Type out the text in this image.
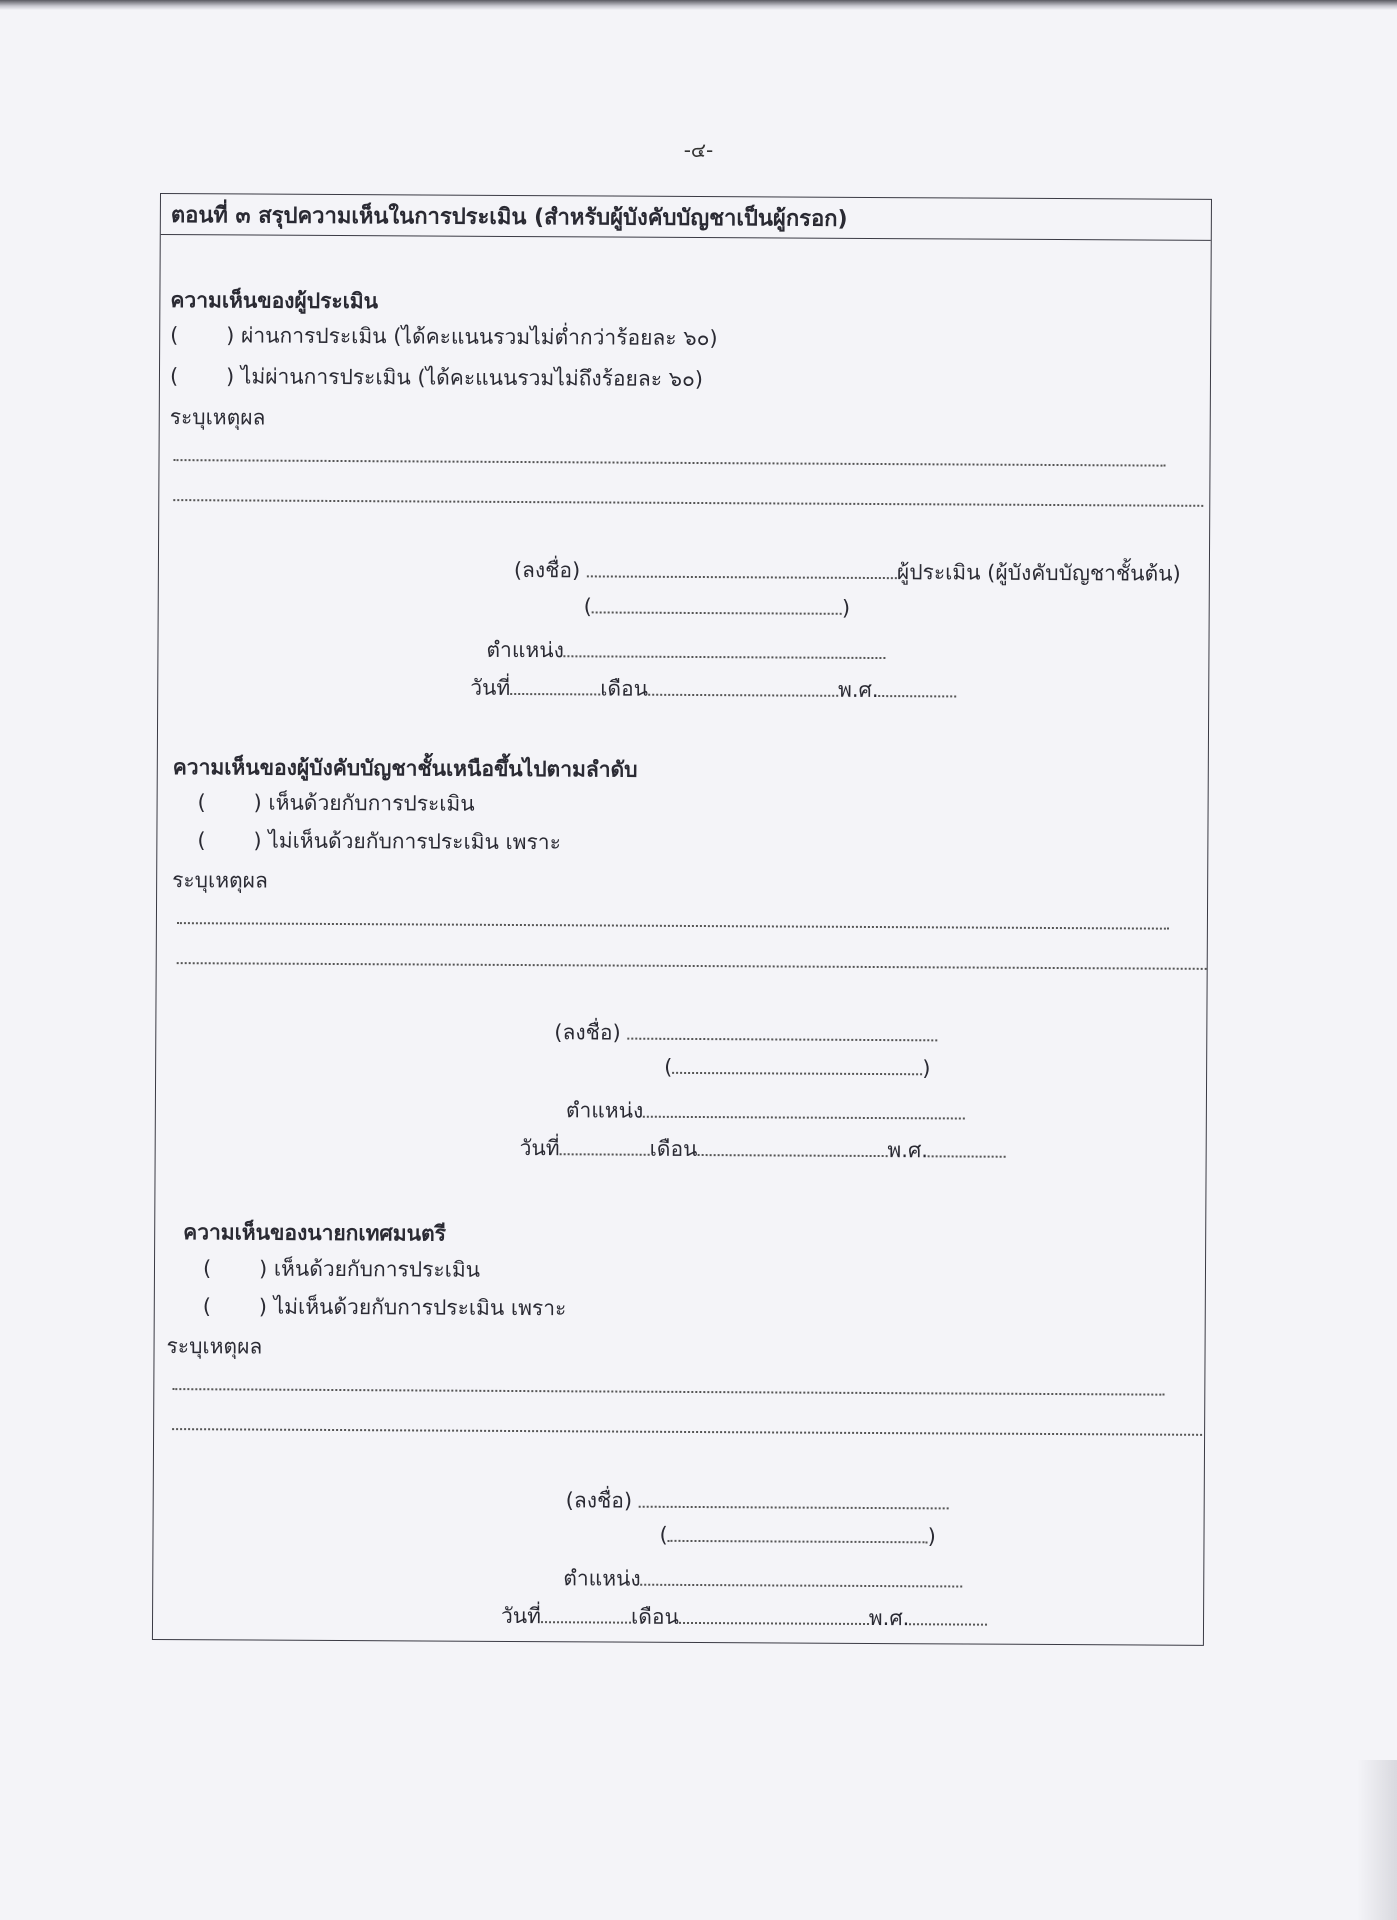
-๔-
ตอนที่ ๓ สรุปความเห็นในการประเมิน (สำหรับผู้บังคับบัญชาเป็นผู้กรอก)
ความเห็นของผู้ประเมิน
( ) ผ่านการประเมิน (ได้คะแนนรวมไม่ต่ำกว่าร้อยละ ๖๐)
( ) ไม่ผ่านการประเมิน (ได้คะแนนรวมไม่ถึงร้อยละ ๖๐)
ระบุเหตุผล
(ลงชื่อ)	ผู้ประเมิน (ผู้บังคับบัญชาชั้นต้น)
(	)
ตำแหน่ง
วันที่	เดือน	พ.ศ.
ความเห็นของผู้บังคับบัญชาชั้นเหนือขึ้นไปตามลำดับ
( ) เห็นด้วยกับการประเมิน
( ) ไม่เห็นด้วยกับการประเมิน เพราะ
ระบุเหตุผล
(ลงชื่อ)
(	)
ตำแหน่ง
วันที่	เดือน	พ.ศ.
ความเห็นของนายกเทศมนตรี
( ) เห็นด้วยกับการประเมิน
( ) ไม่เห็นด้วยกับการประเมิน เพราะ
ระบุเหตุผล
(ลงชื่อ)
(	)
ตำแหน่ง
วันที่	เดือน	พ.ศ.
